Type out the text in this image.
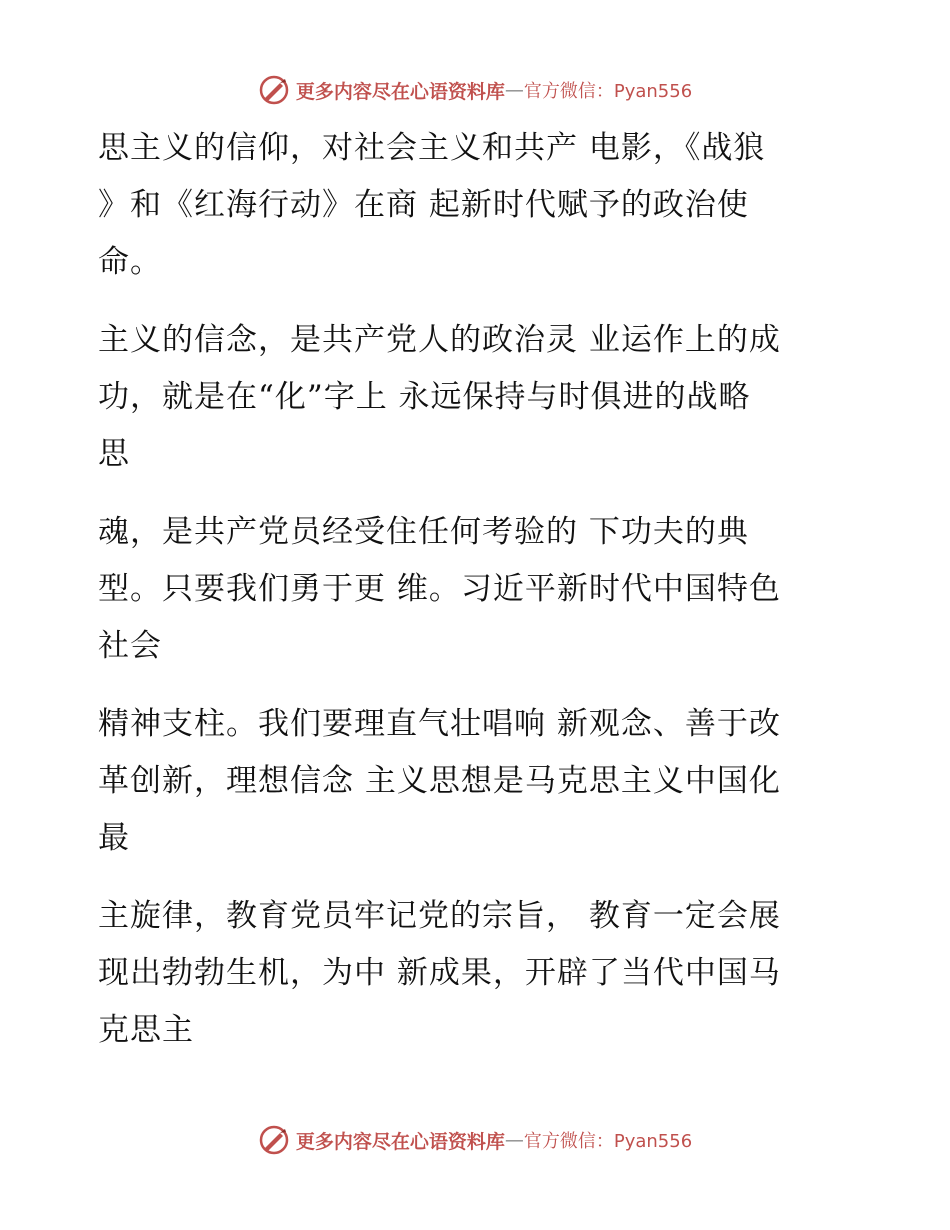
更多内容尽在心语资料库 — 官方微信：Pyan556
思主义的信仰，对社会主义和共产 电影，《战狼
》和《红海行动》在商 起新时代赋予的政治使
命。
主义的信念，是共产党人的政治灵 业运作上的成
功，就是在“化”字上 永远保持与时俱进的战略
思
魂，是共产党员经受住任何考验的 下功夫的典
型。只要我们勇于更 维。习近平新时代中国特色
社会
精神支柱。我们要理直气壮唱响 新观念、善于改
革创新，理想信念 主义思想是马克思主义中国化
最
主旋律，教育党员牢记党的宗旨， 教育一定会展
现出勃勃生机，为中 新成果，开辟了当代中国马
克思主
更多内容尽在心语资料库 — 官方微信：Pyan556
